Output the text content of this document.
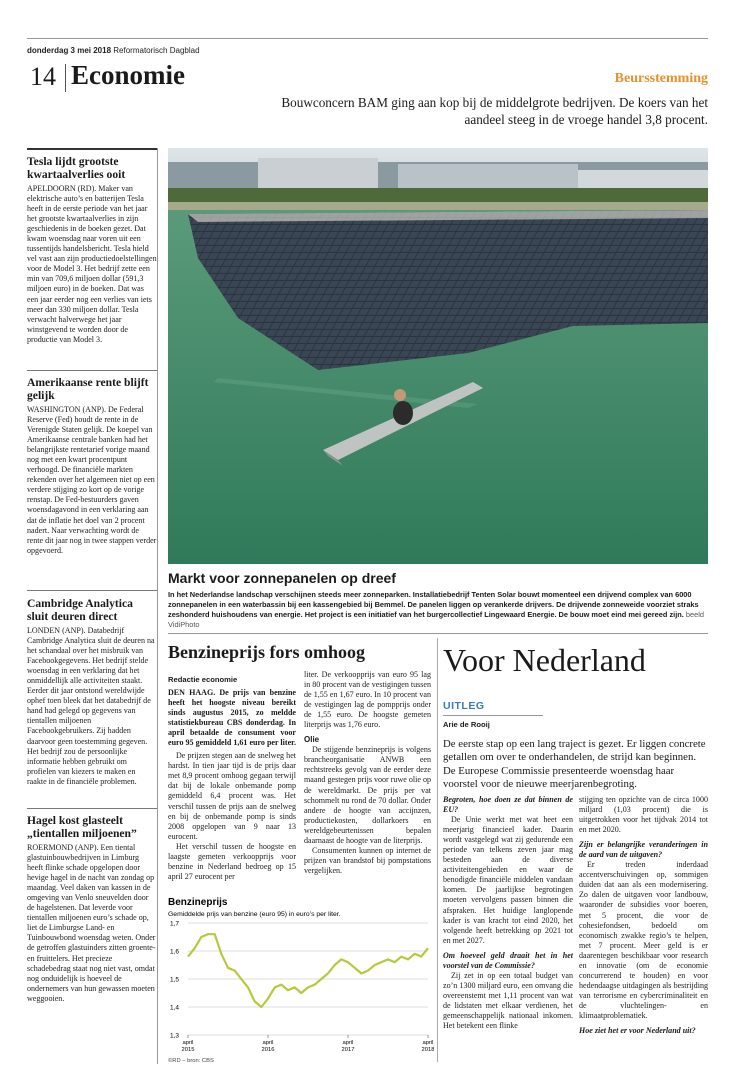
donderdag 3 mei 2018 Reformatorisch Dagblad
14 Economie	Beursstemming
Bouwconcern BAM ging aan kop bij de middelgrote bedrijven. De koers van het aandeel steeg in de vroege handel 3,8 procent.
Tesla lijdt grootste kwartaalverlies ooit
APELDOORN (RD). Maker van elektrische auto’s en batterijen Tesla heeft in de eerste periode van het jaar het grootste kwartaalverlies in zijn geschiedenis in de boeken gezet. Dat kwam woensdag naar voren uit een tussentijds handelsbericht. Tesla hield vel vast aan zijn productiedoelstellingen voor de Model 3. Het bedrijf zette een min van 709,6 miljoen dollar (591,3 miljoen euro) in de boeken. Dat was een jaar eerder nog een verlies van iets meer dan 330 miljoen dollar. Tesla verwacht halverwege het jaar winstgevend te worden door de productie van Model 3.
Amerikaanse rente blijft gelijk
WASHINGTON (ANP). De Federal Reserve (Fed) houdt de rente in de Verenigde Staten gelijk. De koepel van Amerikaanse centrale banken had het belangrijkste rentetarief vorige maand nog met een kwart procentpunt verhoogd. De financiële markten rekenden over het algemeen niet op een verdere stijging zo kort op de vorige renstap. De Fed-bestuurders gaven woensdagavond in een verklaring aan dat de inflatie het doel van 2 procent nadert. Naar verwachting wordt de rente dit jaar nog in twee stappen verder opgevoerd.
Cambridge Analytica sluit deuren direct
LONDEN (ANP). Databedrijf Cambridge Analytica sluit de deuren na het schandaal over het misbruik van Facebookgegevens. Het bedrijf stelde woensdag in een verklaring dat het onmiddellijk alle activiteiten staakt. Eerder dit jaar ontstond wereldwijde ophef toen bleek dat het databedrijf de hand had gelegd op gegevens van tientallen miljoenen Facebookgebruikers. Zij hadden daarvoor geen toestemming gegeven. Het bedrijf zou de persoonlijke informatie hebben gebruikt om profielen van kiezers te maken en raakte in de financiële problemen.
Hagel kost glasteelt „tientallen miljoenen”
ROERMOND (ANP). Een tiental glastuinbouwbedrijven in Limburg heeft flinke schade opgelopen door hevige hagel in de nacht van zondag op maandag. Veel daken van kassen in de omgeving van Venlo sneuvelden door de hagelstenen. Dat leverde voor tientallen miljoenen euro’s schade op, liet de Limburgse Land- en Tuinbouwbond woensdag weten. Onder de getroffen glastuinders zitten groente- en fruittelers. Het precieze schadebedrag staat nog niet vast, omdat nog onduidelijk is hoeveel de ondernemers van hun gewassen moeten weggooien.
Markt voor zonnepanelen op dreef
In het Nederlandse landschap verschijnen steeds meer zonneparken. Installatiebedrijf Tenten Solar bouwt momenteel een drijvend complex van 6000 zonnepanelen in een waterbassin bij een kassengebied bij Bemmel. De panelen liggen op verankerde drijvers. De drijvende zonneweide voorziet straks zeshonderd huishoudens van energie. Het project is een initiatief van het burgercollectief Lingewaard Energie. De bouw moet eind mei gereed zijn. beeld VidiPhoto
Benzineprijs fors omhoog
Redactie economie
DEN HAAG. De prijs van benzine heeft het hoogste niveau bereikt sinds augustus 2015, zo meldde statistiekbureau CBS donderdag. In april betaalde de consument voor euro 95 gemiddeld 1,61 euro per liter.
De prijzen stegen aan de snelweg het hardst. In tien jaar tijd is de prijs daar met 8,9 procent omhoog gegaan terwijl dat bij de lokale onbemande pomp gemiddeld 6,4 procent was. Het verschil tussen de prijs aan de snelweg en bij de onbemande pomp is sinds 2008 opgelopen van 9 naar 13 eurocent.
Het verschil tussen de hoogste en laagste gemeten verkoopprijs voor benzine in Nederland bedroeg op 15 april 27 eurocent per
liter. De verkoopprijs van euro 95 lag in 80 procent van de vestigingen tussen de 1,55 en 1,67 euro. In 10 procent van de vestigingen lag de pompprijs onder de 1,55 euro. De hoogste gemeten literprijs was 1,76 euro.
Olie
De stijgende benzineprijs is volgens brancheorganisatie ANWB een rechtstreeks gevolg van de eerder deze maand gestegen prijs voor ruwe olie op de wereldmarkt. De prijs per vat schommelt nu rond de 70 dollar. Onder andere de hoogte van accijnzen, productiekosten, dollarkoers en wereldgebeurtenissen bepalen daarnaast de hoogte van de literprijs.
Consumenten kunnen op internet de prijzen van brandstof bij pompstations vergelijken.
Benzineprijs
Gemiddelde prijs van benzine (euro 95) in euro’s per liter.
1,3
1,4
1,5
1,6
1,7
april
2015
april
2016
april
2017
april
2018
©RD – bron: CBS
Voor Nederland
UITLEG
Arie de Rooij
De eerste stap op een lang traject is gezet. Er liggen concrete getallen om over te onderhandelen, de strijd kan beginnen. De Europese Commissie presenteerde woensdag haar voorstel voor de nieuwe meerjarenbegroting.
Begroten, hoe doen ze dat binnen de EU?
De Unie werkt met wat heet een meerjarig financieel kader. Daarin wordt vastgelegd wat zij gedurende een periode van telkens zeven jaar mag besteden aan de diverse activiteitengebieden en waar de benodigde financiële middelen vandaan komen. De jaarlijkse begrotingen moeten vervolgens passen binnen die afspraken. Het huidige langlopende kader is van kracht tot eind 2020, het volgende heeft betrekking op 2021 tot en met 2027.
Om hoeveel geld draait het in het voorstel van de Commissie?
Zij zet in op een totaal budget van zo’n 1300 miljard euro, een omvang die overeenstemt met 1,11 procent van wat de lidstaten met elkaar verdienen, het gemeenschappelijk nationaal inkomen. Het betekent een flinke
stijging ten opzichte van de circa 1000 miljard (1,03 procent) die is uitgetrokken voor het tijdvak 2014 tot en met 2020.
Zijn er belangrijke veranderingen in de aard van de uitgaven?
Er treden inderdaad accentverschuivingen op, sommigen duiden dat aan als een modernisering. Zo dalen de uitgaven voor landbouw, waaronder de subsidies voor boeren, met 5 procent, die voor de cohesiefondsen, bedoeld om economisch zwakke regio’s te helpen, met 7 procent. Meer geld is er daarentegen beschikbaar voor research en innovatie (om de economie concurrerend te houden) en voor hedendaagse uitdagingen als bestrijding van terrorisme en cybercriminaliteit en de vluchtelingen- en klimaatproblematiek.
Hoe ziet het er voor Nederland uit?
